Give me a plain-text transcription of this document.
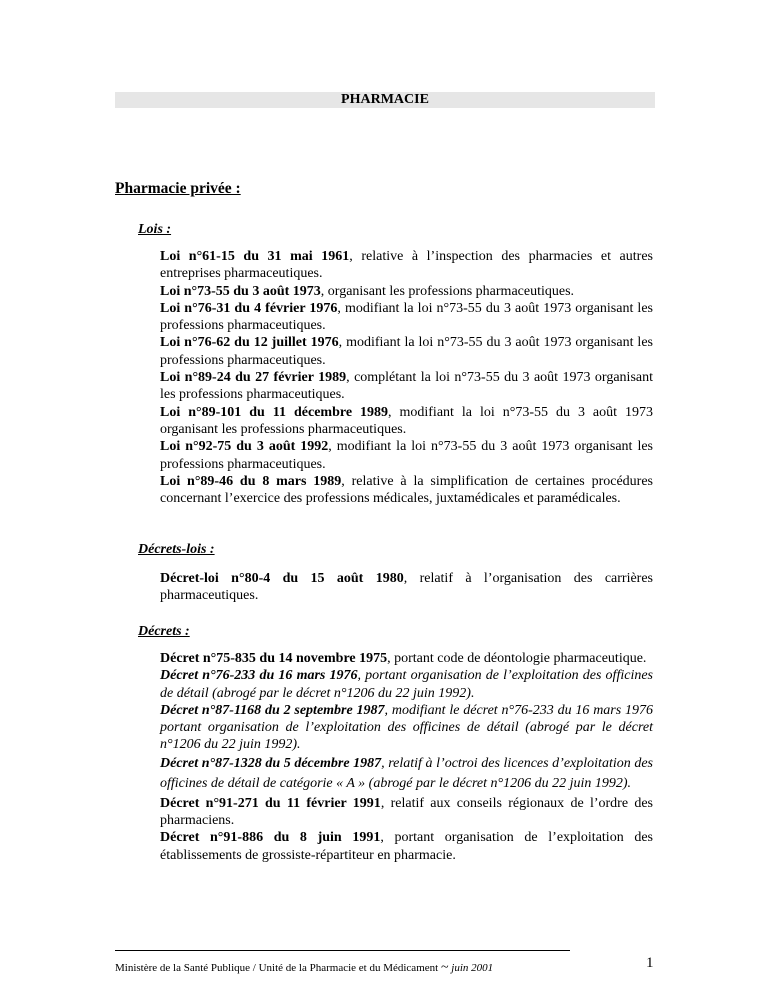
PHARMACIE
Pharmacie privée :
Lois :

Loi n°61-15 du 31 mai 1961, relative à l’inspection des pharmacies et autres entreprises pharmaceutiques.

Loi n°73-55 du 3 août 1973, organisant les professions pharmaceutiques.

Loi n°76-31 du 4 février 1976, modifiant la loi n°73-55 du 3 août 1973 organisant les professions pharmaceutiques.

Loi n°76-62 du 12 juillet 1976, modifiant la loi n°73-55 du 3 août 1973 organisant les professions pharmaceutiques.

Loi n°89-24 du 27 février 1989, complétant la loi n°73-55 du 3 août 1973 organisant les professions pharmaceutiques.

Loi n°89-101 du 11 décembre 1989, modifiant la loi n°73-55 du 3 août 1973 organisant les professions pharmaceutiques.

Loi n°92-75 du 3 août 1992, modifiant la loi n°73-55 du 3 août 1973 organisant les professions pharmaceutiques.

Loi n°89-46 du 8 mars 1989, relative à la simplification de certaines procédures concernant l’exercice des professions médicales, juxtamédicales et paramédicales.

Décrets-lois :

Décret-loi n°80-4 du 15 août 1980, relatif à l’organisation des carrières pharmaceutiques.

Décrets :

Décret n°75-835 du 14 novembre 1975, portant code de déontologie pharmaceutique.

Décret n°76-233 du 16 mars 1976, portant organisation de l’exploitation des officines de détail (abrogé par le décret n°1206 du 22 juin 1992).

Décret n°87-1168 du 2 septembre 1987, modifiant le décret n°76-233 du 16 mars 1976 portant organisation de l’exploitation des officines de détail (abrogé par le décret n°1206 du 22 juin 1992).

Décret n°87-1328 du 5 décembre 1987, relatif à l’octroi des licences d’exploitation des officines de détail de catégorie « A » (abrogé par le décret n°1206 du 22 juin 1992).

Décret n°91-271 du 11 février 1991, relatif aux conseils régionaux de l’ordre des pharmaciens.

Décret n°91-886 du 8 juin 1991, portant organisation de l’exploitation des établissements de grossiste-répartiteur en pharmacie.

Ministère de la Santé Publique / Unité de la Pharmacie et du Médicament ~ juin 2001	1
